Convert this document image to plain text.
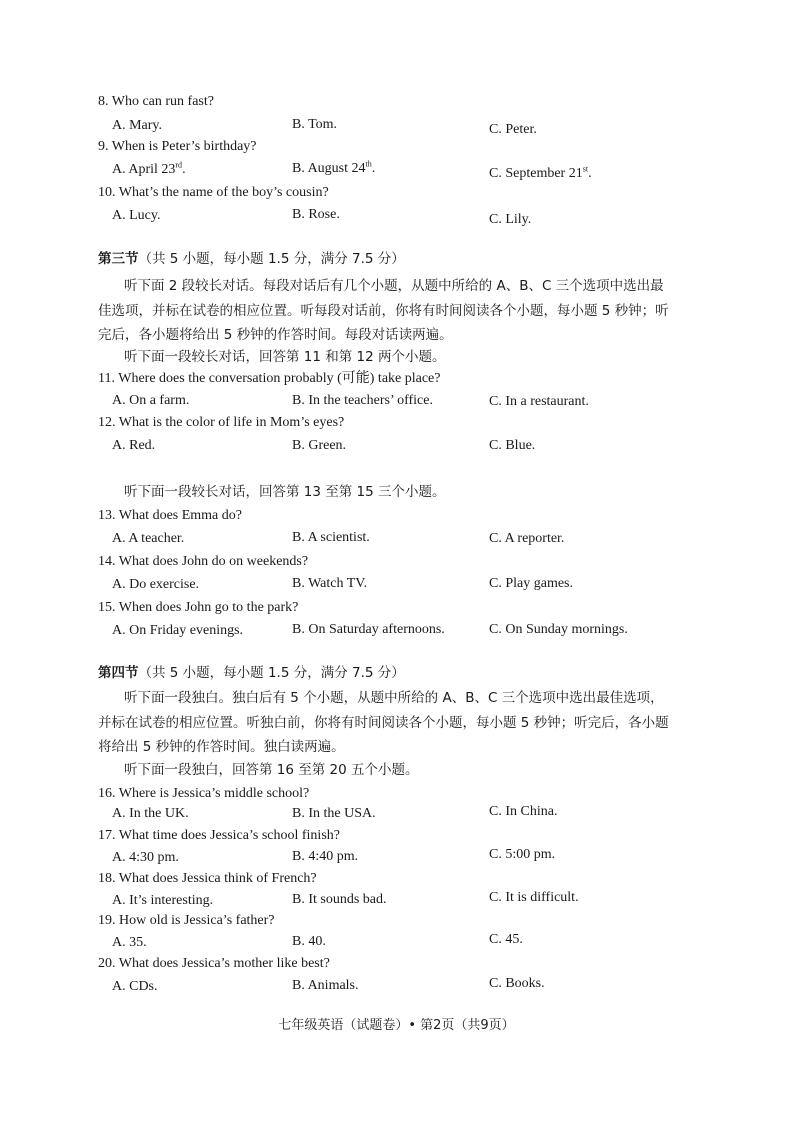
8. Who can run fast?
A. Mary.	B. Tom.	C. Peter.
9. When is Peter’s birthday?
A. April 23rd.	B. August 24th.	C. September 21st.
10. What’s the name of the boy’s cousin?
A. Lucy.	B. Rose.	C. Lily.
第三节（共 5 小题，每小题 1.5 分，满分 7.5 分）
听下面 2 段较长对话。每段对话后有几个小题，从题中所给的 A、B、C 三个选项中选出最
佳选项，并标在试卷的相应位置。听每段对话前，你将有时间阅读各个小题，每小题 5 秒钟；听
完后，各小题将给出 5 秒钟的作答时间。每段对话读两遍。
听下面一段较长对话，回答第 11 和第 12 两个小题。
11. Where does the conversation probably (可能) take place?
A. On a farm.	B. In the teachers’ office.	C. In a restaurant.
12. What is the color of life in Mom’s eyes?
A. Red.	B. Green.	C. Blue.
听下面一段较长对话，回答第 13 至第 15 三个小题。
13. What does Emma do?
A. A teacher.	B. A scientist.	C. A reporter.
14. What does John do on weekends?
A. Do exercise.	B. Watch TV.	C. Play games.
15. When does John go to the park?
A. On Friday evenings.	B. On Saturday afternoons.	C. On Sunday mornings.
第四节（共 5 小题，每小题 1.5 分，满分 7.5 分）
听下面一段独白。独白后有 5 个小题，从题中所给的 A、B、C 三个选项中选出最佳选项，
并标在试卷的相应位置。听独白前，你将有时间阅读各个小题，每小题 5 秒钟；听完后，各小题
将给出 5 秒钟的作答时间。独白读两遍。
听下面一段独白，回答第 16 至第 20 五个小题。
16. Where is Jessica’s middle school?
A. In the UK.	B. In the USA.	C. In China.
17. What time does Jessica’s school finish?
A. 4:30 pm.	B. 4:40 pm.	C. 5:00 pm.
18. What does Jessica think of French?
A. It’s interesting.	B. It sounds bad.	C. It is difficult.
19. How old is Jessica’s father?
A. 35.	B. 40.	C. 45.
20. What does Jessica’s mother like best?
A. CDs.	B. Animals.	C. Books.
七年级英语（试题卷）• 第2页（共9页）
